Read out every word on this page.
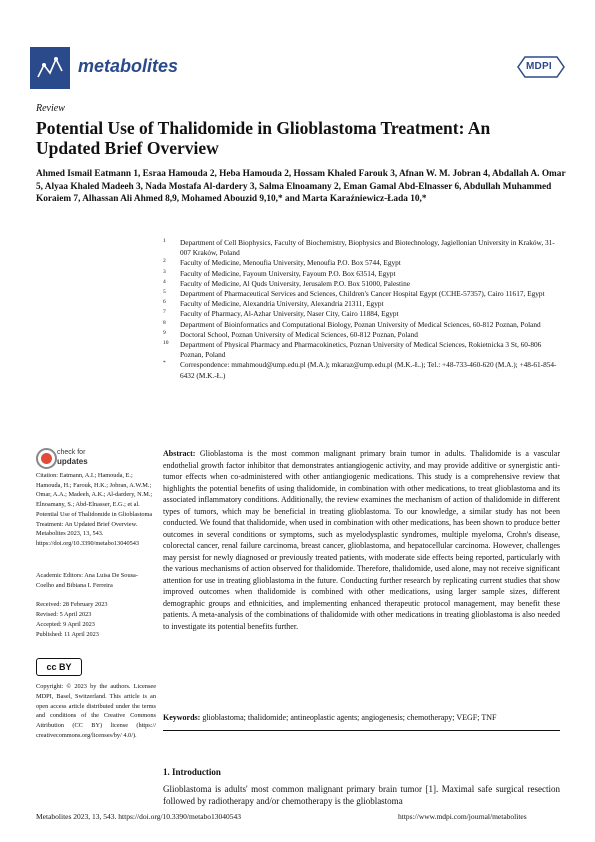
metabolites	MDPI
Review
Potential Use of Thalidomide in Glioblastoma Treatment: An Updated Brief Overview
Ahmed Ismail Eatmann 1, Esraa Hamouda 2, Heba Hamouda 2, Hossam Khaled Farouk 3, Afnan W. M. Jobran 4, Abdallah A. Omar 5, Alyaa Khaled Madeeh 3, Nada Mostafa Al-dardery 3, Salma Elnoamany 2, Eman Gamal Abd-Elnasser 6, Abdullah Muhammed Koraiem 7, Alhassan Ali Ahmed 8,9, Mohamed Abouzid 9,10,* and Marta Karaźniewicz-Łada 10,*
1 Department of Cell Biophysics, Faculty of Biochemistry, Biophysics and Biotechnology, Jagiellonian University in Kraków, 31-007 Kraków, Poland
2 Faculty of Medicine, Menoufia University, Menoufia P.O. Box 5744, Egypt
3 Faculty of Medicine, Fayoum University, Fayoum P.O. Box 63514, Egypt
4 Faculty of Medicine, Al Quds University, Jerusalem P.O. Box 51000, Palestine
5 Department of Pharmaceutical Services and Sciences, Children's Cancer Hospital Egypt (CCHE-57357), Cairo 11617, Egypt
6 Faculty of Medicine, Alexandria University, Alexandria 21311, Egypt
7 Faculty of Pharmacy, Al-Azhar University, Naser City, Cairo 11884, Egypt
8 Department of Bioinformatics and Computational Biology, Poznan University of Medical Sciences, 60-812 Poznan, Poland
9 Doctoral School, Poznan University of Medical Sciences, 60-812 Poznan, Poland
10 Department of Physical Pharmacy and Pharmacokinetics, Poznan University of Medical Sciences, Rokietnicka 3 St, 60-806 Poznan, Poland
* Correspondence: mmahmoud@ump.edu.pl (M.A.); mkaraz@ump.edu.pl (M.K.-Ł.); Tel.: +48-733-460-620 (M.A.); +48-61-854-6432 (M.K.-Ł.)
check for
updates
Citation: Eatmann, A.I.; Hamouda, E.; Hamouda, H.; Farouk, H.K.; Jobran, A.W.M.; Omar, A.A.; Madeeh, A.K.; Al-dardery, N.M.; Elnoamany, S.; Abd-Elnasser, E.G.; et al. Potential Use of Thalidomide in Glioblastoma Treatment: An Updated Brief Overview. Metabolites 2023, 13, 543. https://doi.org/10.3390/metabo13040543
Academic Editors: Ana Luisa De Sousa-Coelho and Bibiana I. Ferreira
Received: 28 February 2023
Revised: 5 April 2023
Accepted: 9 April 2023
Published: 11 April 2023
cc BY
Copyright: © 2023 by the authors. Licensee MDPI, Basel, Switzerland. This article is an open access article distributed under the terms and conditions of the Creative Commons Attribution (CC BY) license (https:// creativecommons.org/licenses/by/ 4.0/).
Abstract: Glioblastoma is the most common malignant primary brain tumor in adults. Thalidomide is a vascular endothelial growth factor inhibitor that demonstrates antiangiogenic activity, and may provide additive or synergistic anti-tumor effects when co-administered with other antiangiogenic medications. This study is a comprehensive review that highlights the potential benefits of using thalidomide, in combination with other medications, to treat glioblastoma and its associated inflammatory conditions. Additionally, the review examines the mechanism of action of thalidomide in different types of tumors, which may be beneficial in treating glioblastoma. To our knowledge, a similar study has not been conducted. We found that thalidomide, when used in combination with other medications, has been shown to produce better outcomes in several conditions or symptoms, such as myelodysplastic syndromes, multiple myeloma, Crohn's disease, colorectal cancer, renal failure carcinoma, breast cancer, glioblastoma, and hepatocellular carcinoma. However, challenges may persist for newly diagnosed or previously treated patients, with moderate side effects being reported, particularly with the various mechanisms of action observed for thalidomide. Therefore, thalidomide, used alone, may not receive significant attention for use in treating glioblastoma in the future. Conducting further research by replicating current studies that show improved outcomes when thalidomide is combined with other medications, using larger sample sizes, different demographic groups and ethnicities, and implementing enhanced therapeutic protocol management, may benefit these patients. A meta-analysis of the combinations of thalidomide with other medications in treating glioblastoma is also needed to investigate its potential benefits further.
Keywords: glioblastoma; thalidomide; antineoplastic agents; angiogenesis; chemotherapy; VEGF; TNF
1. Introduction
Glioblastoma is adults' most common malignant primary brain tumor [1]. Maximal safe surgical resection followed by radiotherapy and/or chemotherapy is the glioblastoma
Metabolites 2023, 13, 543. https://doi.org/10.3390/metabo13040543	https://www.mdpi.com/journal/metabolites
